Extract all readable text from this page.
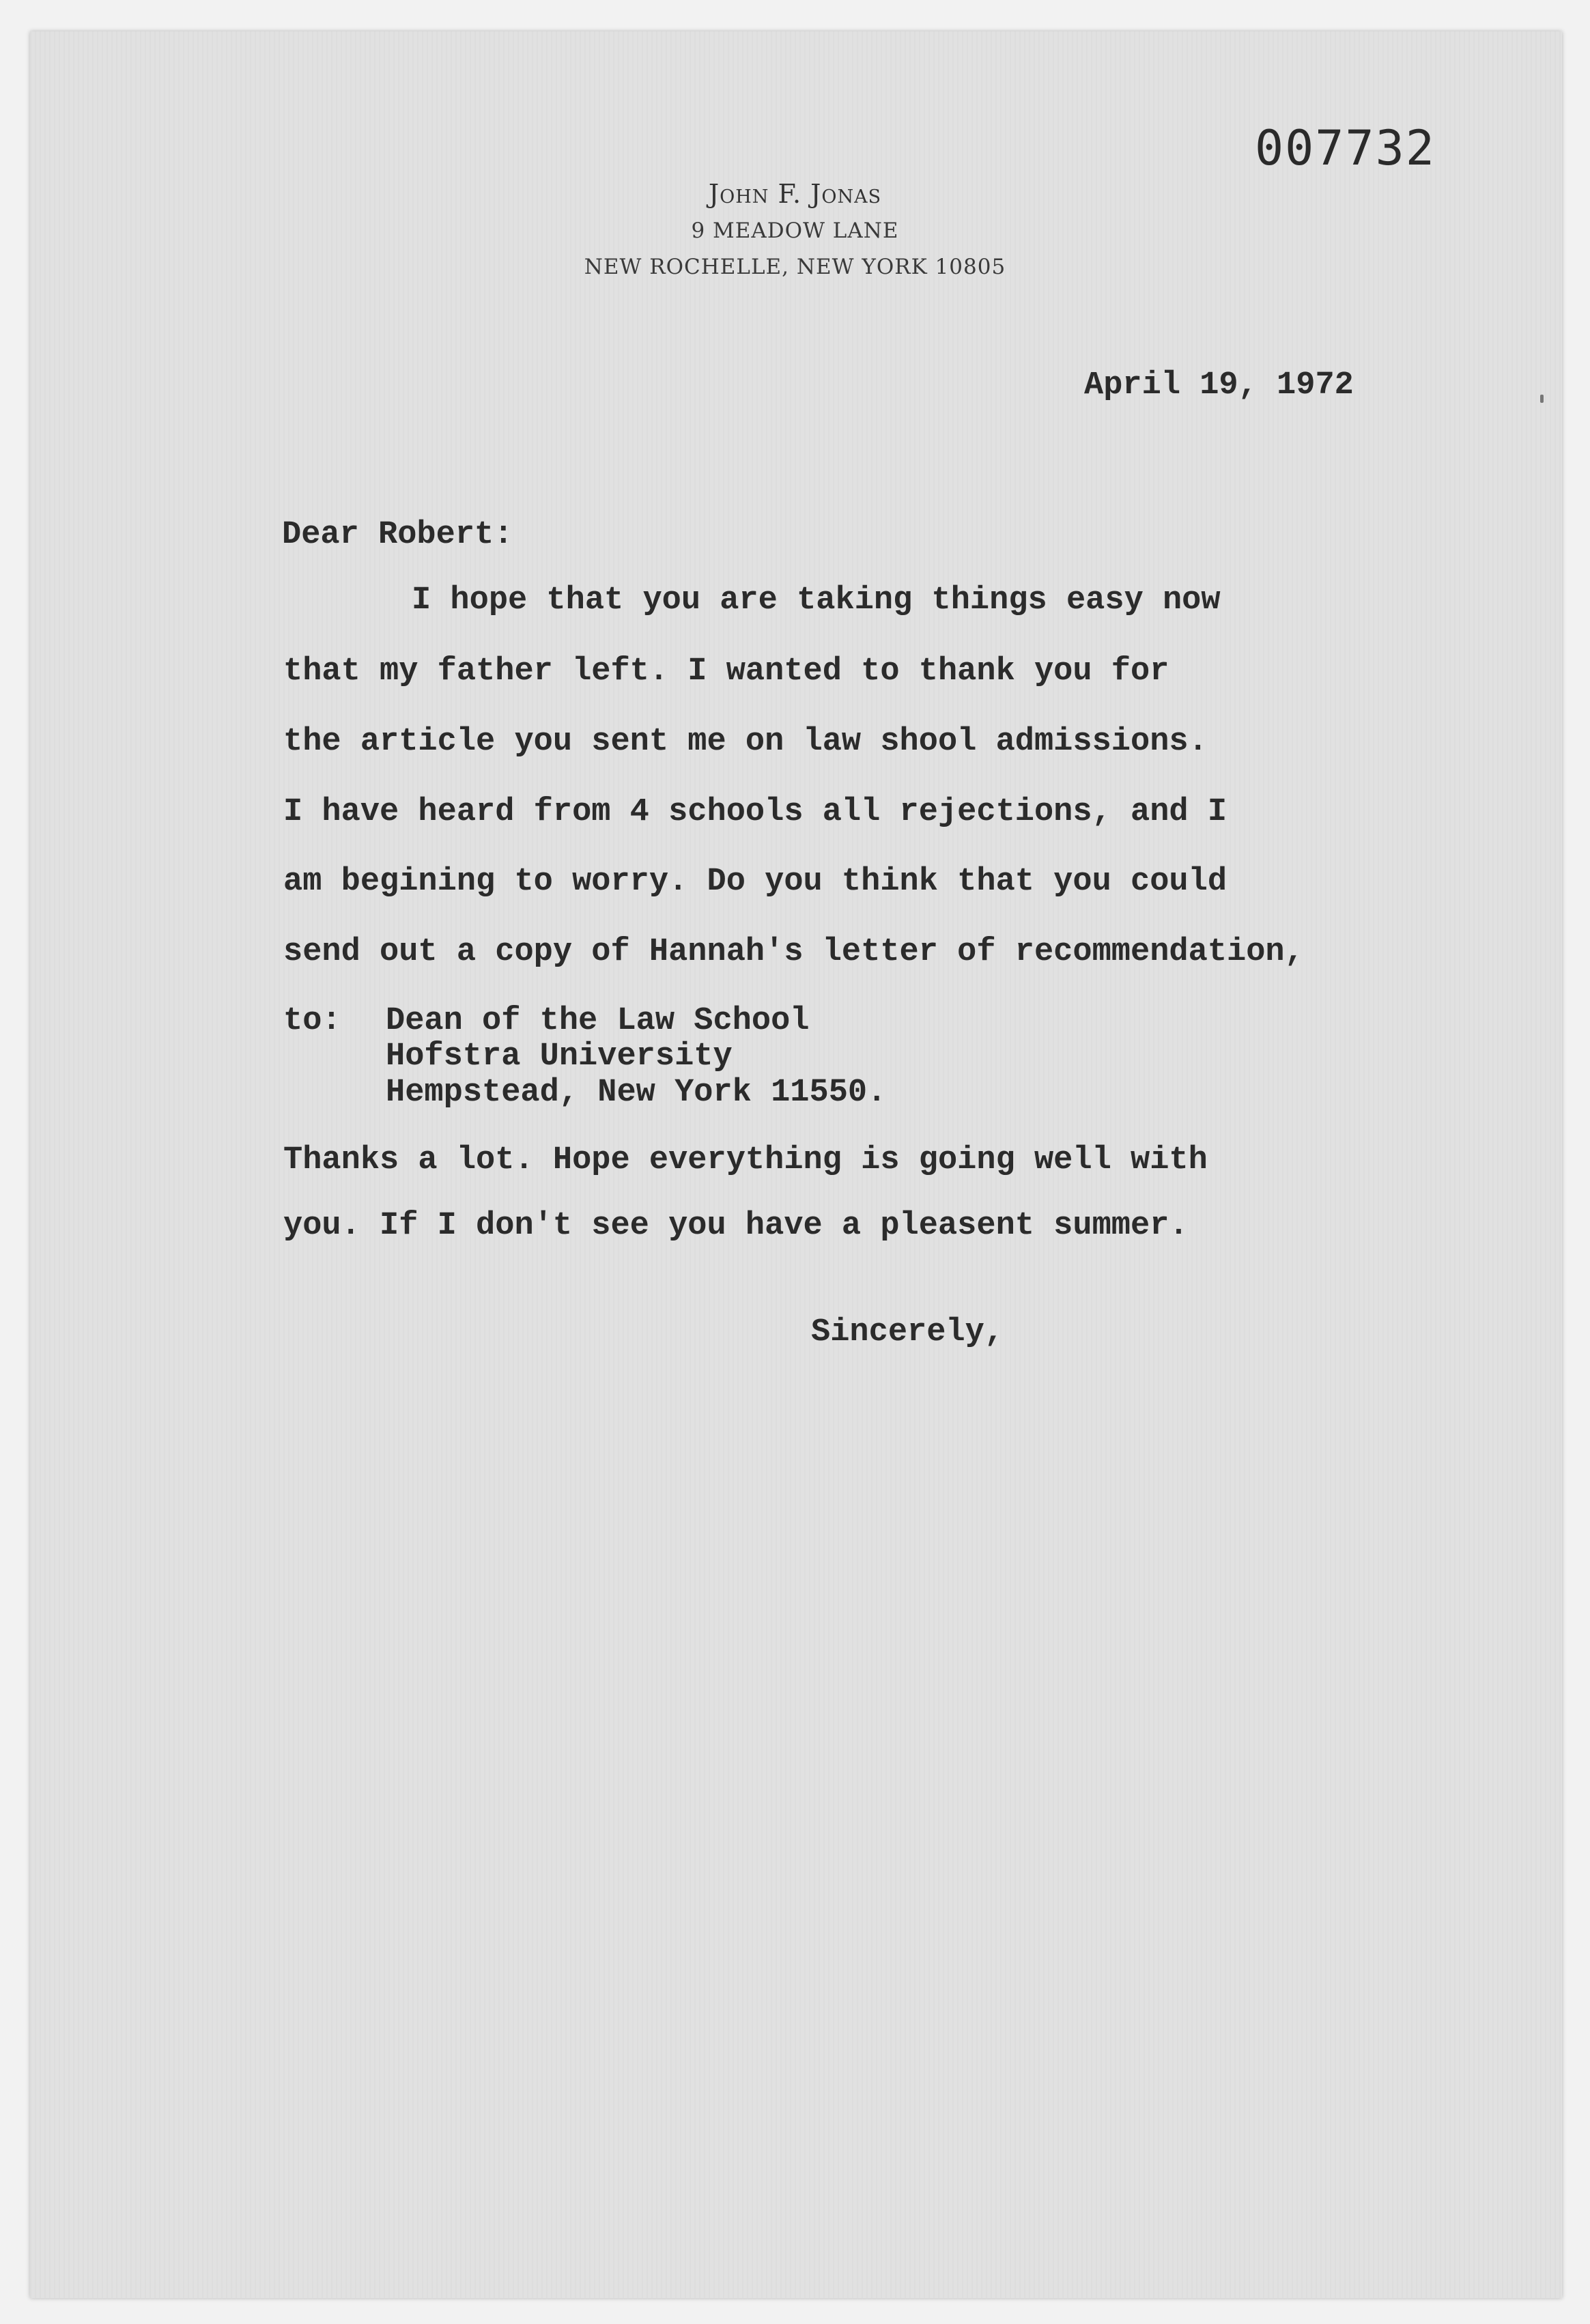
007732
John F. Jonas
9 MEADOW LANE
NEW ROCHELLE, NEW YORK 10805
April 19, 1972
Dear Robert:
I hope that you are taking things easy now
that my father left. I wanted to thank you for
the article you sent me on law shool admissions.
I have heard from 4 schools all rejections, and I
am begining to worry. Do you think that you could
send out a copy of Hannah's letter of recommendation,
to: Dean of the Law School
Hofstra University
Hempstead, New York 11550.
Thanks a lot. Hope everything is going well with
you. If I don't see you have a pleasent summer.
Sincerely,
